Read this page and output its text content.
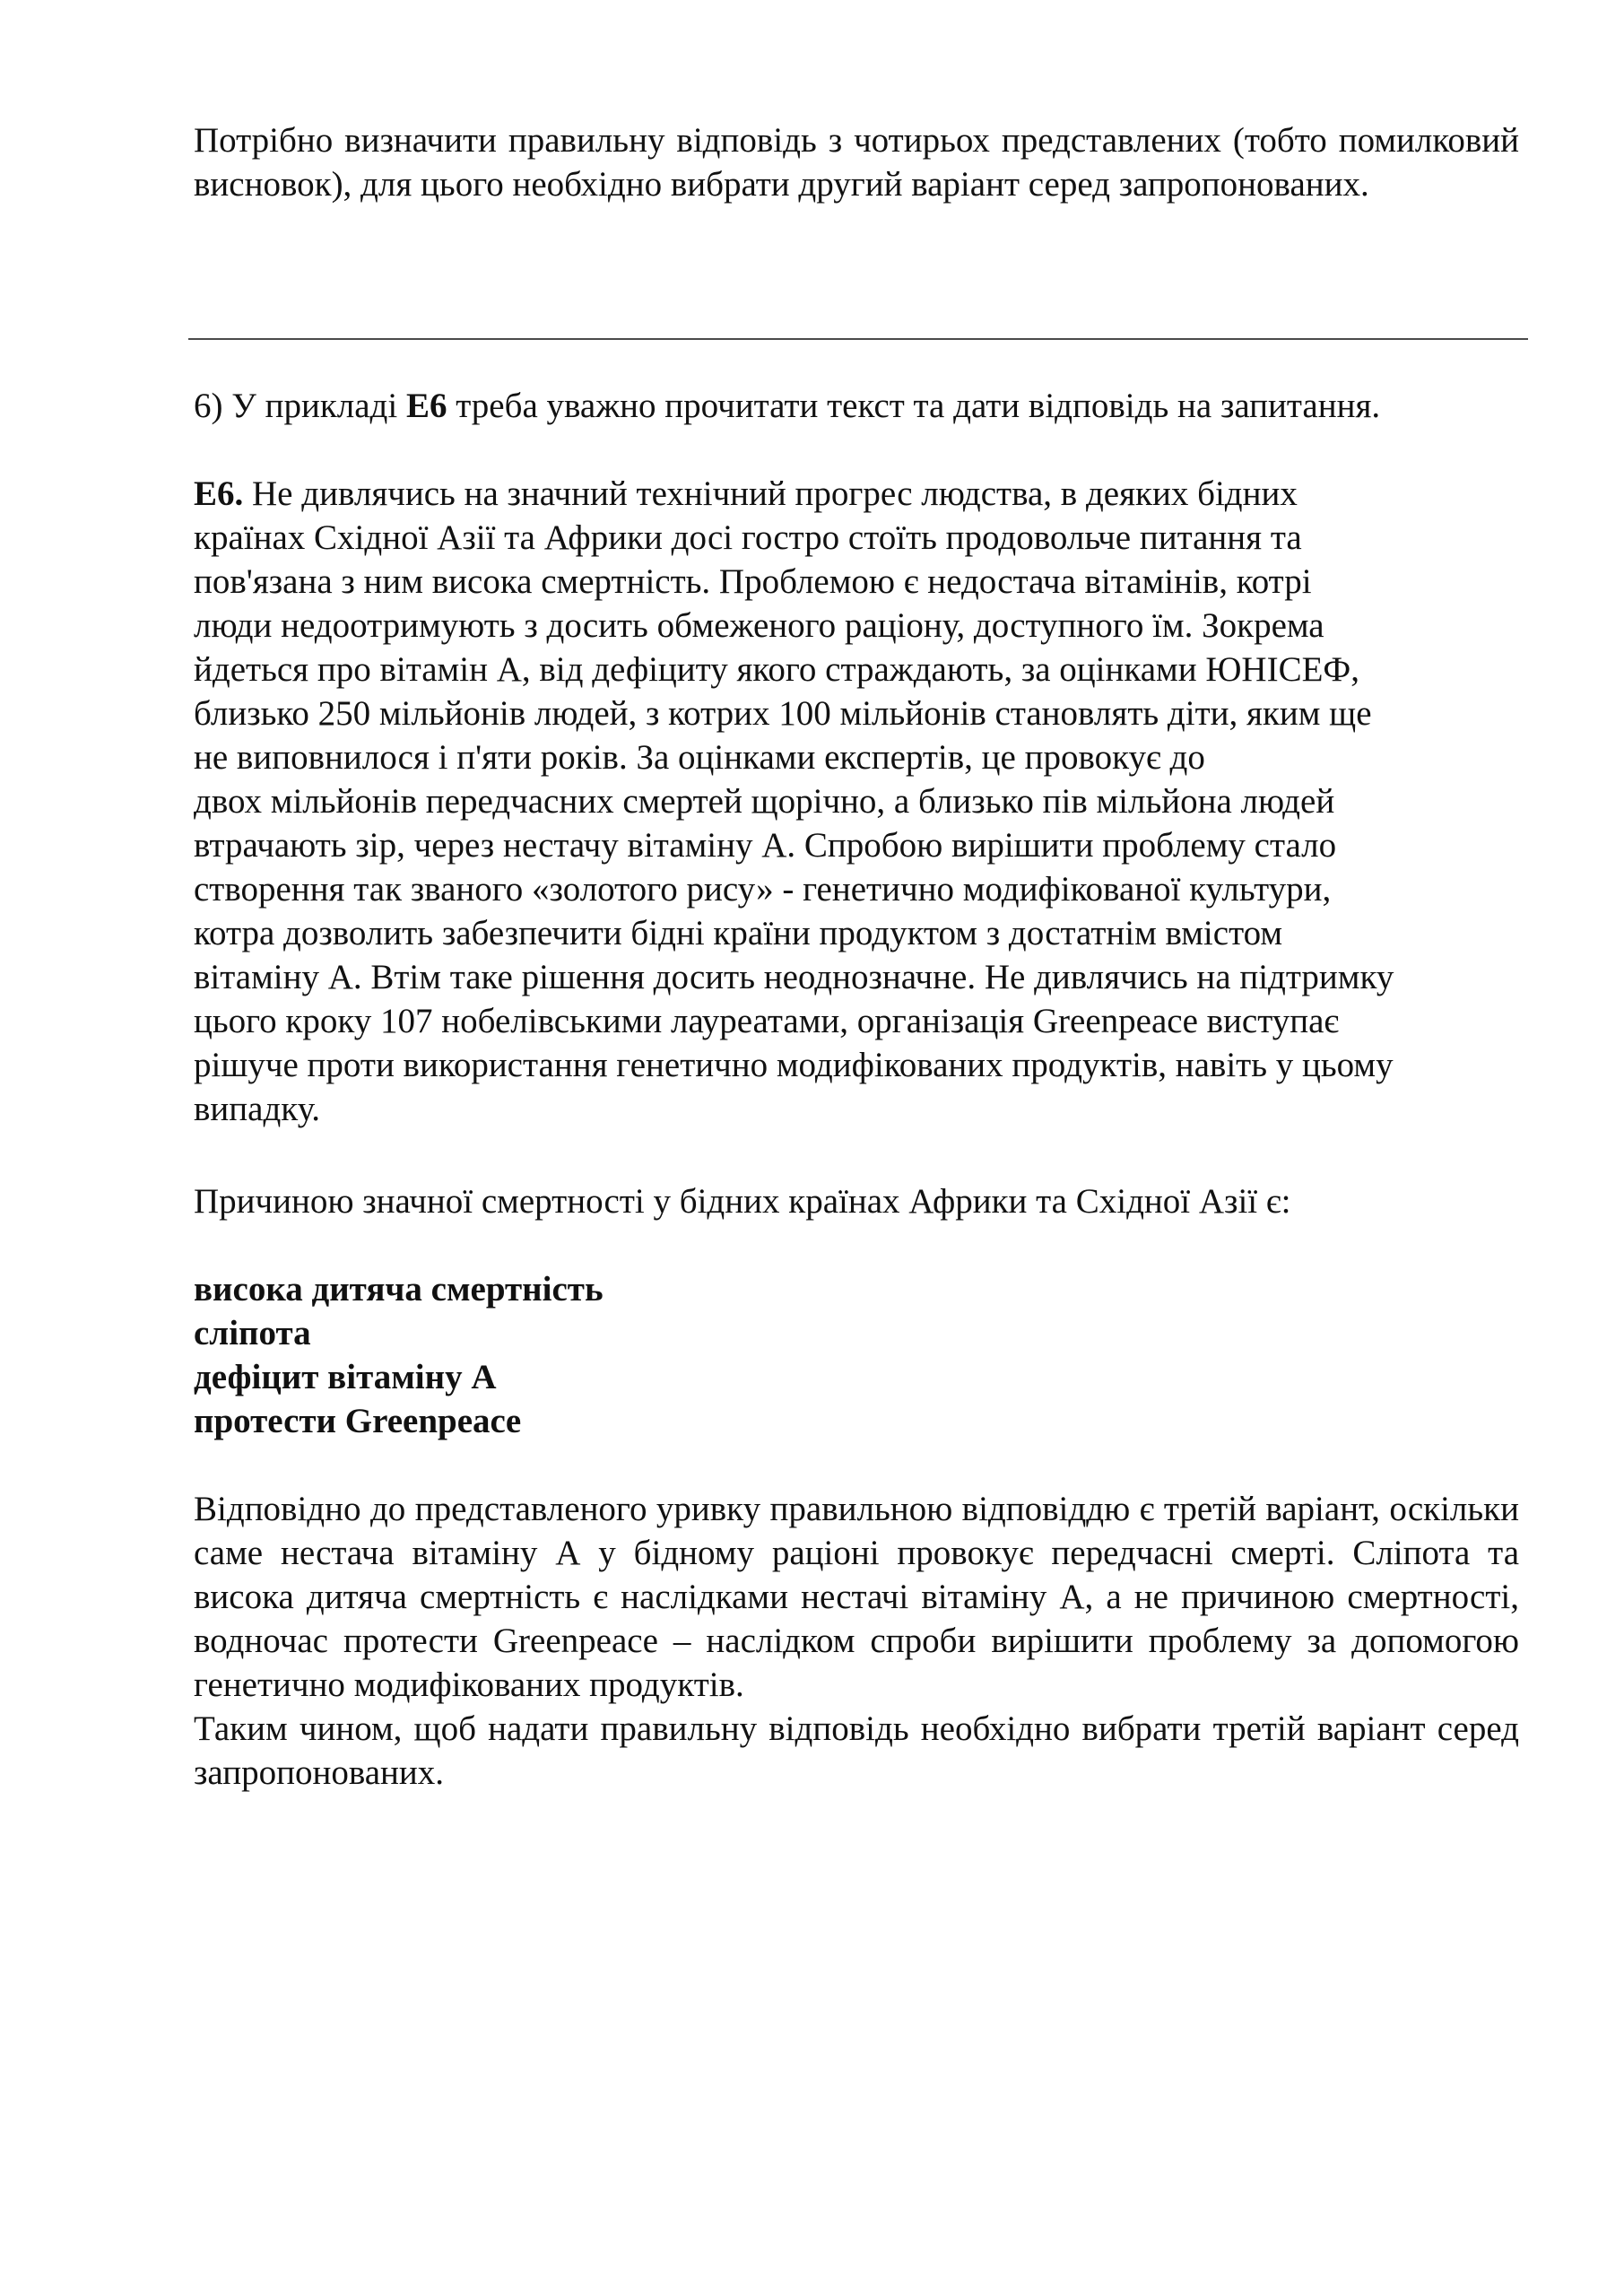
Потрібно визначити правильну відповідь з чотирьох представлених (тобто помилковий висновок), для цього необхідно вибрати другий варіант серед запропонованих.

6) У прикладі Е6 треба уважно прочитати текст та дати відповідь на запитання.
Е6. Не дивлячись на значний технічний прогрес людства, в деяких бідних
країнах Східної Азії та Африки досі гостро стоїть продовольче питання та
пов'язана з ним висока смертність. Проблемою є недостача вітамінів, котрі
люди недоотримують з досить обмеженого раціону, доступного їм. Зокрема
йдеться про вітамін А, від дефіциту якого страждають, за оцінками ЮНІСЕФ,
близько 250 мільйонів людей, з котрих 100 мільйонів становлять діти, яким ще
не виповнилося і п'яти років. За оцінками експертів, це провокує до
двох мільйонів передчасних смертей щорічно, а близько пів мільйона людей
втрачають зір, через нестачу вітаміну А. Спробою вирішити проблему стало
створення так званого «золотого рису» - генетично модифікованої культури,
котра дозволить забезпечити бідні країни продуктом з достатнім вмістом
вітаміну А. Втім таке рішення досить неоднозначне. Не дивлячись на підтримку
цього кроку 107 нобелівськими лауреатами, організація Greenpeace виступає
рішуче проти використання генетично модифікованих продуктів, навіть у цьому
випадку.
Причиною значної смертності у бідних країнах Африки та Східної Азії є:
висока дитяча смертність
сліпота
дефіцит вітаміну А
протести Greenpeace

Відповідно до представленого уривку правильною відповіддю є третій варіант, оскільки саме нестача вітаміну А у бідному раціоні провокує передчасні смерті. Сліпота та висока дитяча смертність є наслідками нестачі вітаміну А, а не причиною смертності, водночас протести Greenpeace – наслідком спроби вирішити проблему за допомогою генетично модифікованих продуктів.

Таким чином, щоб надати правильну відповідь необхідно вибрати третій варіант серед запропонованих.
